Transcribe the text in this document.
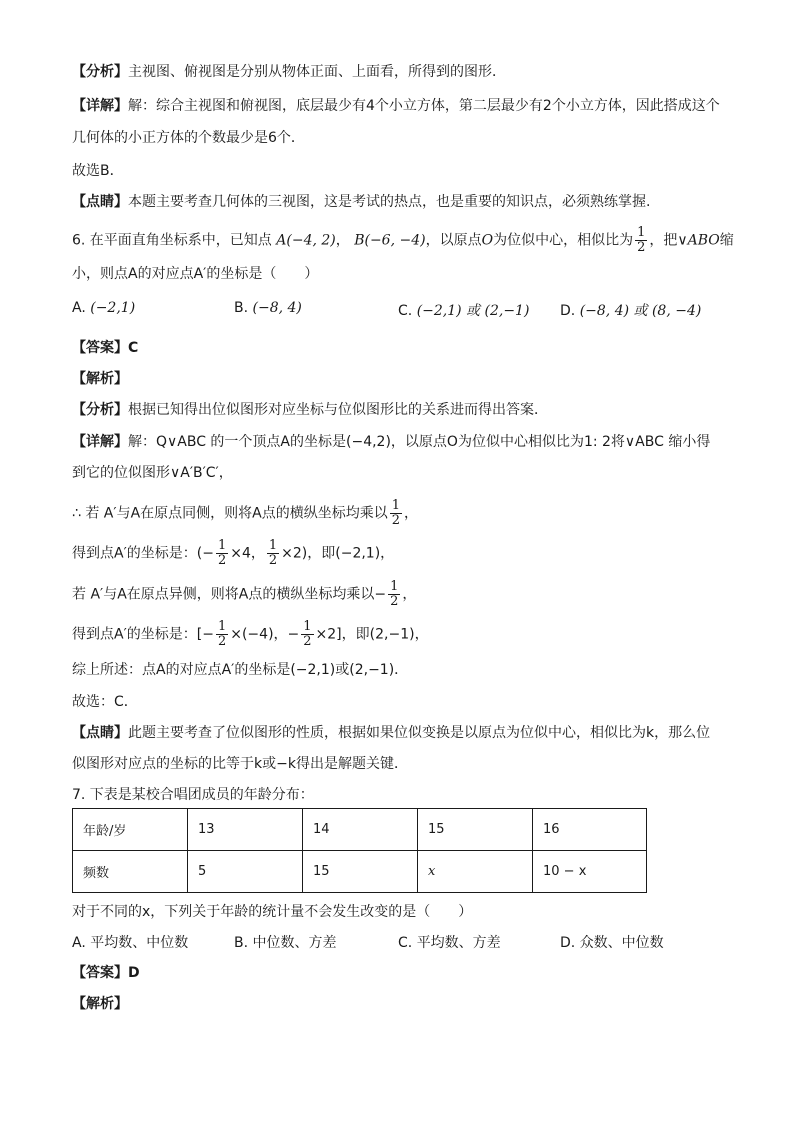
【分析】主视图、俯视图是分别从物体正面、上面看，所得到的图形．
【详解】解：综合主视图和俯视图，底层最少有4个小立方体，第二层最少有2个小立方体，因此搭成这个
几何体的小正方体的个数最少是6个．
故选B．
【点睛】本题主要考查几何体的三视图，这是考试的热点，也是重要的知识点，必须熟练掌握.
6. 在平面直角坐标系中，已知点 A(−4, 2)， B(−6, −4)，以原点O为位似中心，相似比为 $\frac{1}{2}$ ，把∨ABO缩
小，则点A的对应点A′的坐标是（　　）
A. (−2,1)	B. (−8, 4)	C. (−2,1) 或 (2,−1) D. (−8, 4) 或 (8, −4)
【答案】C
【解析】
【分析】根据已知得出位似图形对应坐标与位似图形比的关系进而得出答案．
【详解】解：Q∨ABC 的一个顶点A的坐标是(−4,2)，以原点O为位似中心相似比为1: 2将∨ABC 缩小得
到它的位似图形∨A′B′C′，
∴ 若 A′与A在原点同侧，则将A点的横纵坐标均乘以 $\frac{1}{2}$ ，
得到点A′的坐标是：(− $\frac{1}{2} \times 4$， $\frac{1}{2} \times 2$)，即(−2,1)，
若 A′与A在原点异侧，则将A点的横纵坐标均乘以− $\frac{1}{2}$ ，
得到点A′的坐标是：[− $\frac{1}{2} \times(-4)$，− $\frac{1}{2} \times 2$]，即(2,−1)，
综上所述：点A的对应点A′的坐标是(−2,1)或(2,−1)．
故选：C．
【点睛】此题主要考查了位似图形的性质，根据如果位似变换是以原点为位似中心，相似比为k，那么位
似图形对应点的坐标的比等于k或−k得出是解题关键．
7. 下表是某校合唱团成员的年龄分布：
年龄/岁	13	14	15	16
频数	5	15	x	10 − x
对于不同的x，下列关于年龄的统计量不会发生改变的是（　　）
A. 平均数、中位数	B. 中位数、方差	C. 平均数、方差	D. 众数、中位数
【答案】D
【解析】
